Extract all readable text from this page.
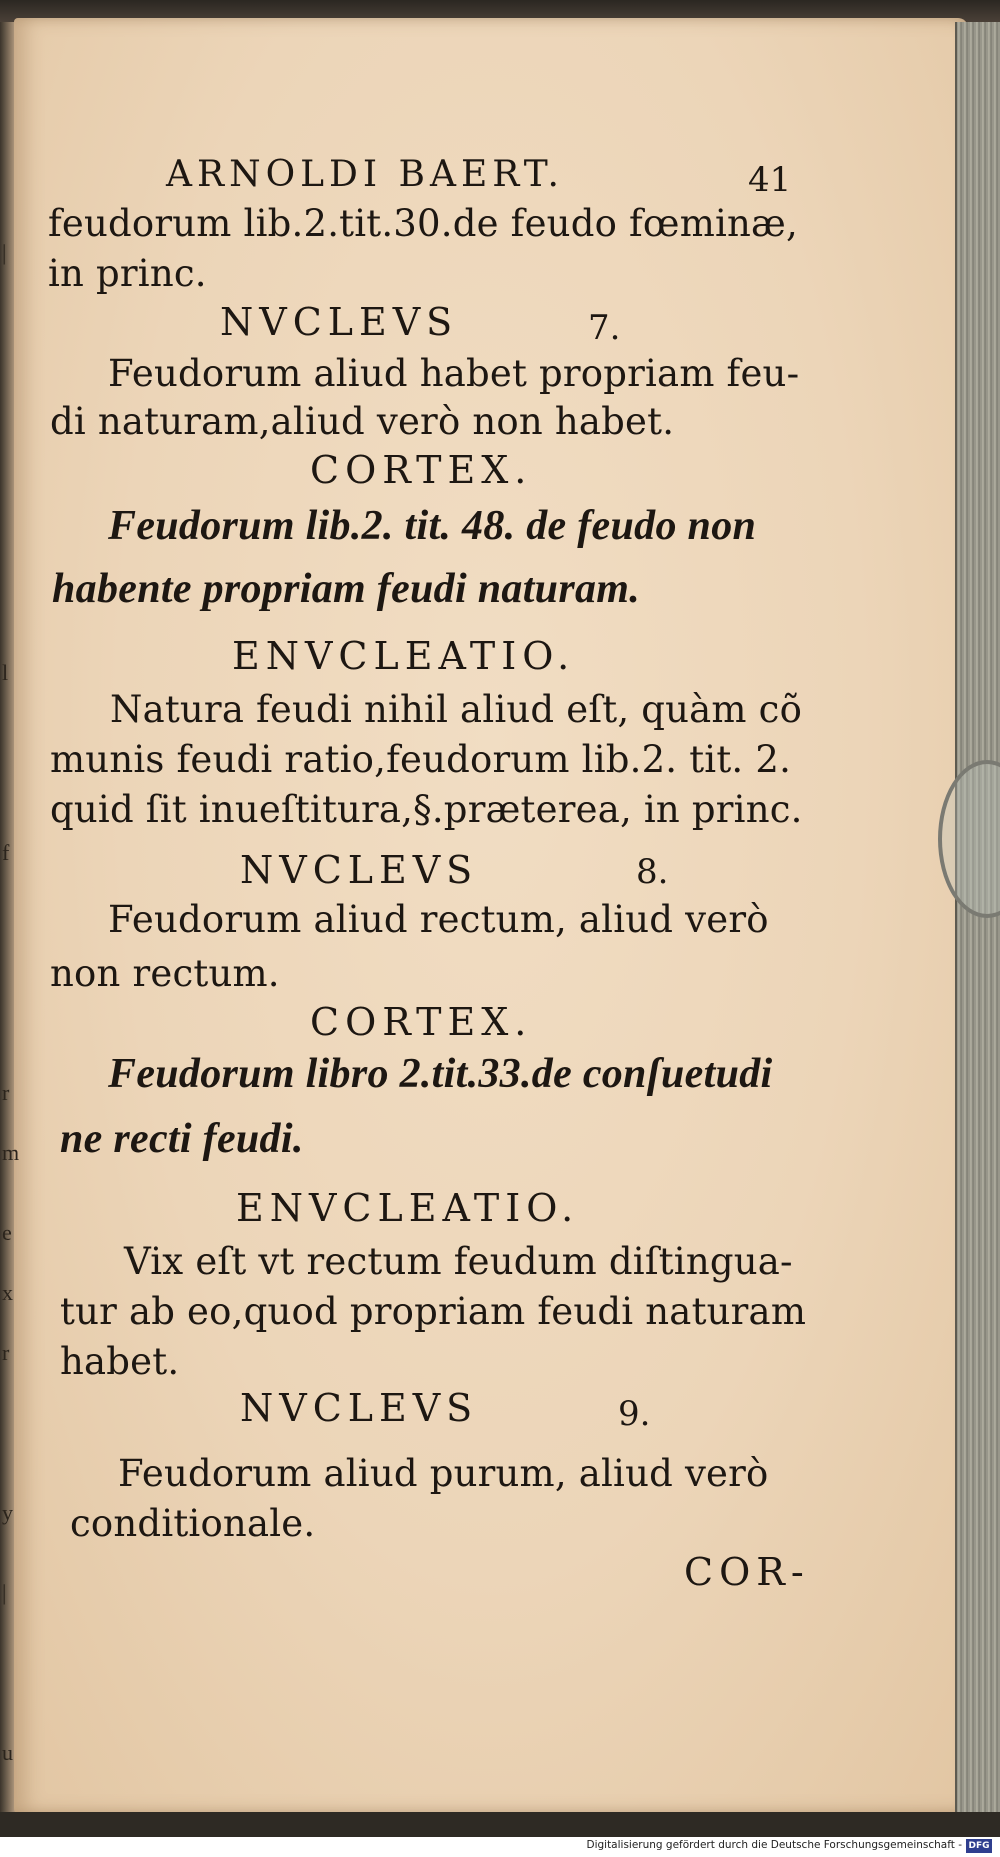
|
l
f
r
m
e
x
r
y
|
u
ARNOLDI BAERT.	41
feudorum lib.2.tit.30.de feudo fœminæ,
in princ.
NVCLEVS	7.
Feudorum aliud habet propriam feu-
di naturam,aliud verò non habet.
CORTEX.
Feudorum lib.2. tit. 48. de feudo non
habente propriam feudi naturam.
ENVCLEATIO.
Natura feudi nihil aliud eſt, quàm cõ
munis feudi ratio,feudorum lib.2. tit. 2.
quid ſit inueſtitura,§.præterea, in princ.
NVCLEVS	8.
Feudorum aliud rectum, aliud verò
non rectum.
CORTEX.
Feudorum libro 2.tit.33.de conſuetudi
ne recti feudi.
ENVCLEATIO.
Vix eſt vt rectum feudum diſtingua-
tur ab eo,quod propriam feudi naturam
habet.
NVCLEVS	9.
Feudorum aliud purum, aliud verò
conditionale.
COR-
Digitalisierung gefördert durch die Deutsche Forschungsgemeinschaft - DFG
